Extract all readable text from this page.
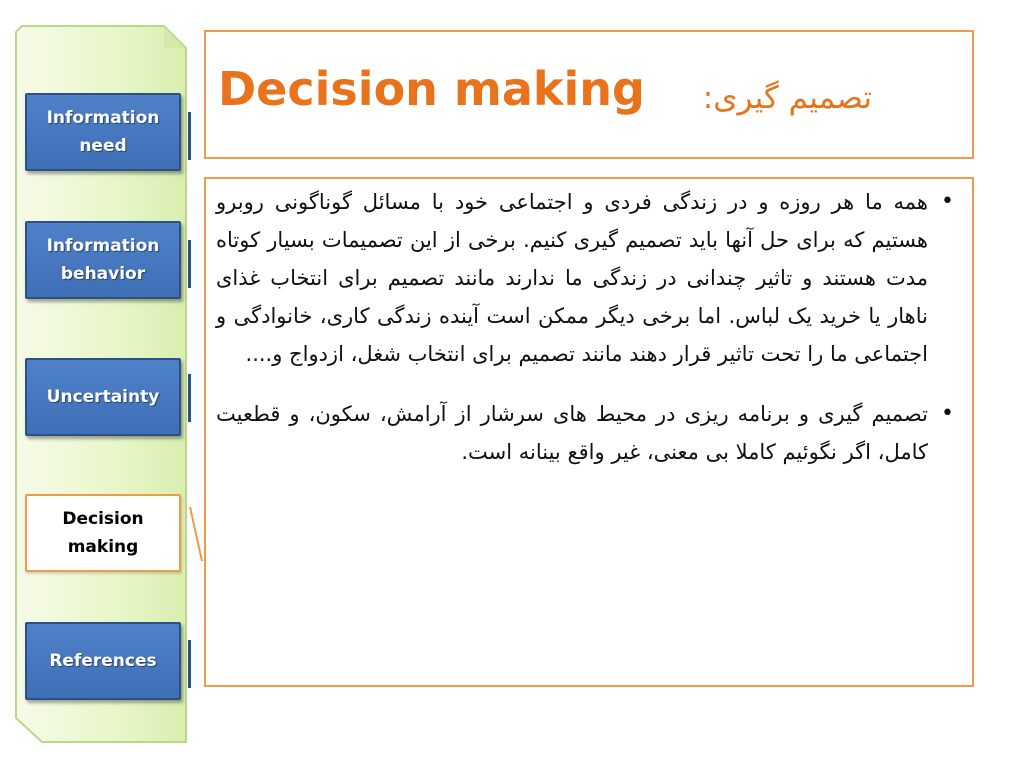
Information need
Information behavior
Uncertainty
Decision making
References
Decision making تصمیم گیری:
•
همه ما هر روزه و در زندگی فردی و اجتماعی خود با مسائل گوناگونی روبرو هستیم که برای حل آنها باید تصمیم گیری کنیم. برخی از این تصمیمات بسیار کوتاه مدت هستند و تاثیر چندانی در زندگی ما ندارند مانند تصمیم برای انتخاب غذای ناهار یا خرید یک لباس. اما برخی دیگر ممکن است آینده زندگی کاری، خانوادگی و اجتماعی ما را تحت تاثیر قرار دهند مانند تصمیم برای انتخاب شغل، ازدواج و....
•
تصمیم گیری و برنامه ریزی در محیط های سرشار از آرامش، سکون، و قطعیت کامل، اگر نگوئیم کاملا بی معنی، غیر واقع بینانه است.
